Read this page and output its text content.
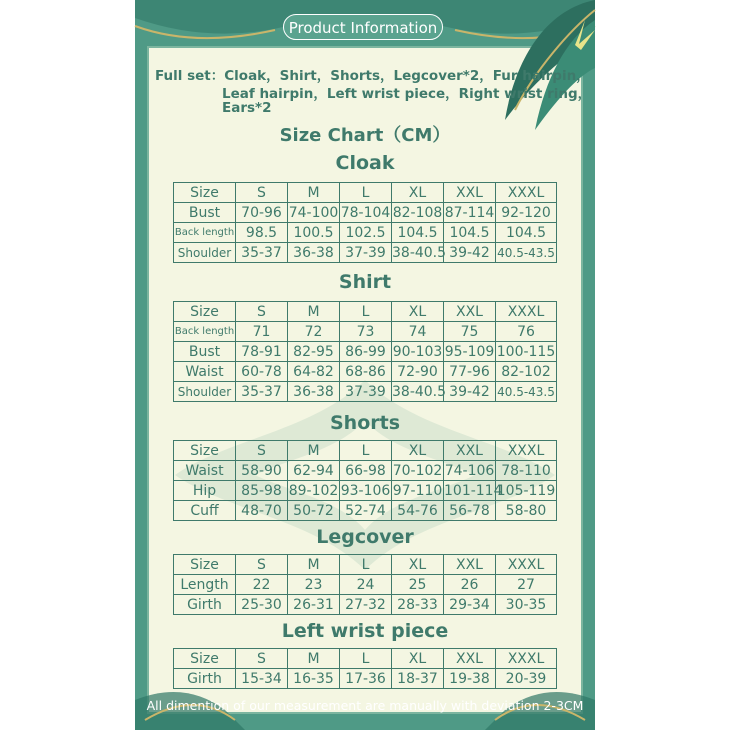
Product Information
Full set：Cloak，Shirt，Shorts，Legcover*2，Fur hairpin，
Leaf hairpin，Left wrist piece，Right wrist ring，
Ears*2
Size Chart（CM）
Cloak
Size	S	M	L	XL	XXL	XXXL
Bust	70-96	74-100	78-104	82-108	87-114	92-120
Back length	98.5	100.5	102.5	104.5	104.5	104.5
Shoulder	35-37	36-38	37-39	38-40.5	39-42	40.5-43.5
Shirt
Size	S	M	L	XL	XXL	XXXL
Back length	71	72	73	74	75	76
Bust	78-91	82-95	86-99	90-103	95-109	100-115
Waist	60-78	64-82	68-86	72-90	77-96	82-102
Shoulder	35-37	36-38	37-39	38-40.5	39-42	40.5-43.5
Shorts
Size	S	M	L	XL	XXL	XXXL
Waist	58-90	62-94	66-98	70-102	74-106	78-110
Hip	85-98	89-102	93-106	97-110	101-114	105-119
Cuff	48-70	50-72	52-74	54-76	56-78	58-80
Legcover
Size	S	M	L	XL	XXL	XXXL
Length	22	23	24	25	26	27
Girth	25-30	26-31	27-32	28-33	29-34	30-35
Left wrist piece
Size	S	M	L	XL	XXL	XXXL
Girth	15-34	16-35	17-36	18-37	19-38	20-39
All dimention of our measurement are manually with deviation 2-3CM
